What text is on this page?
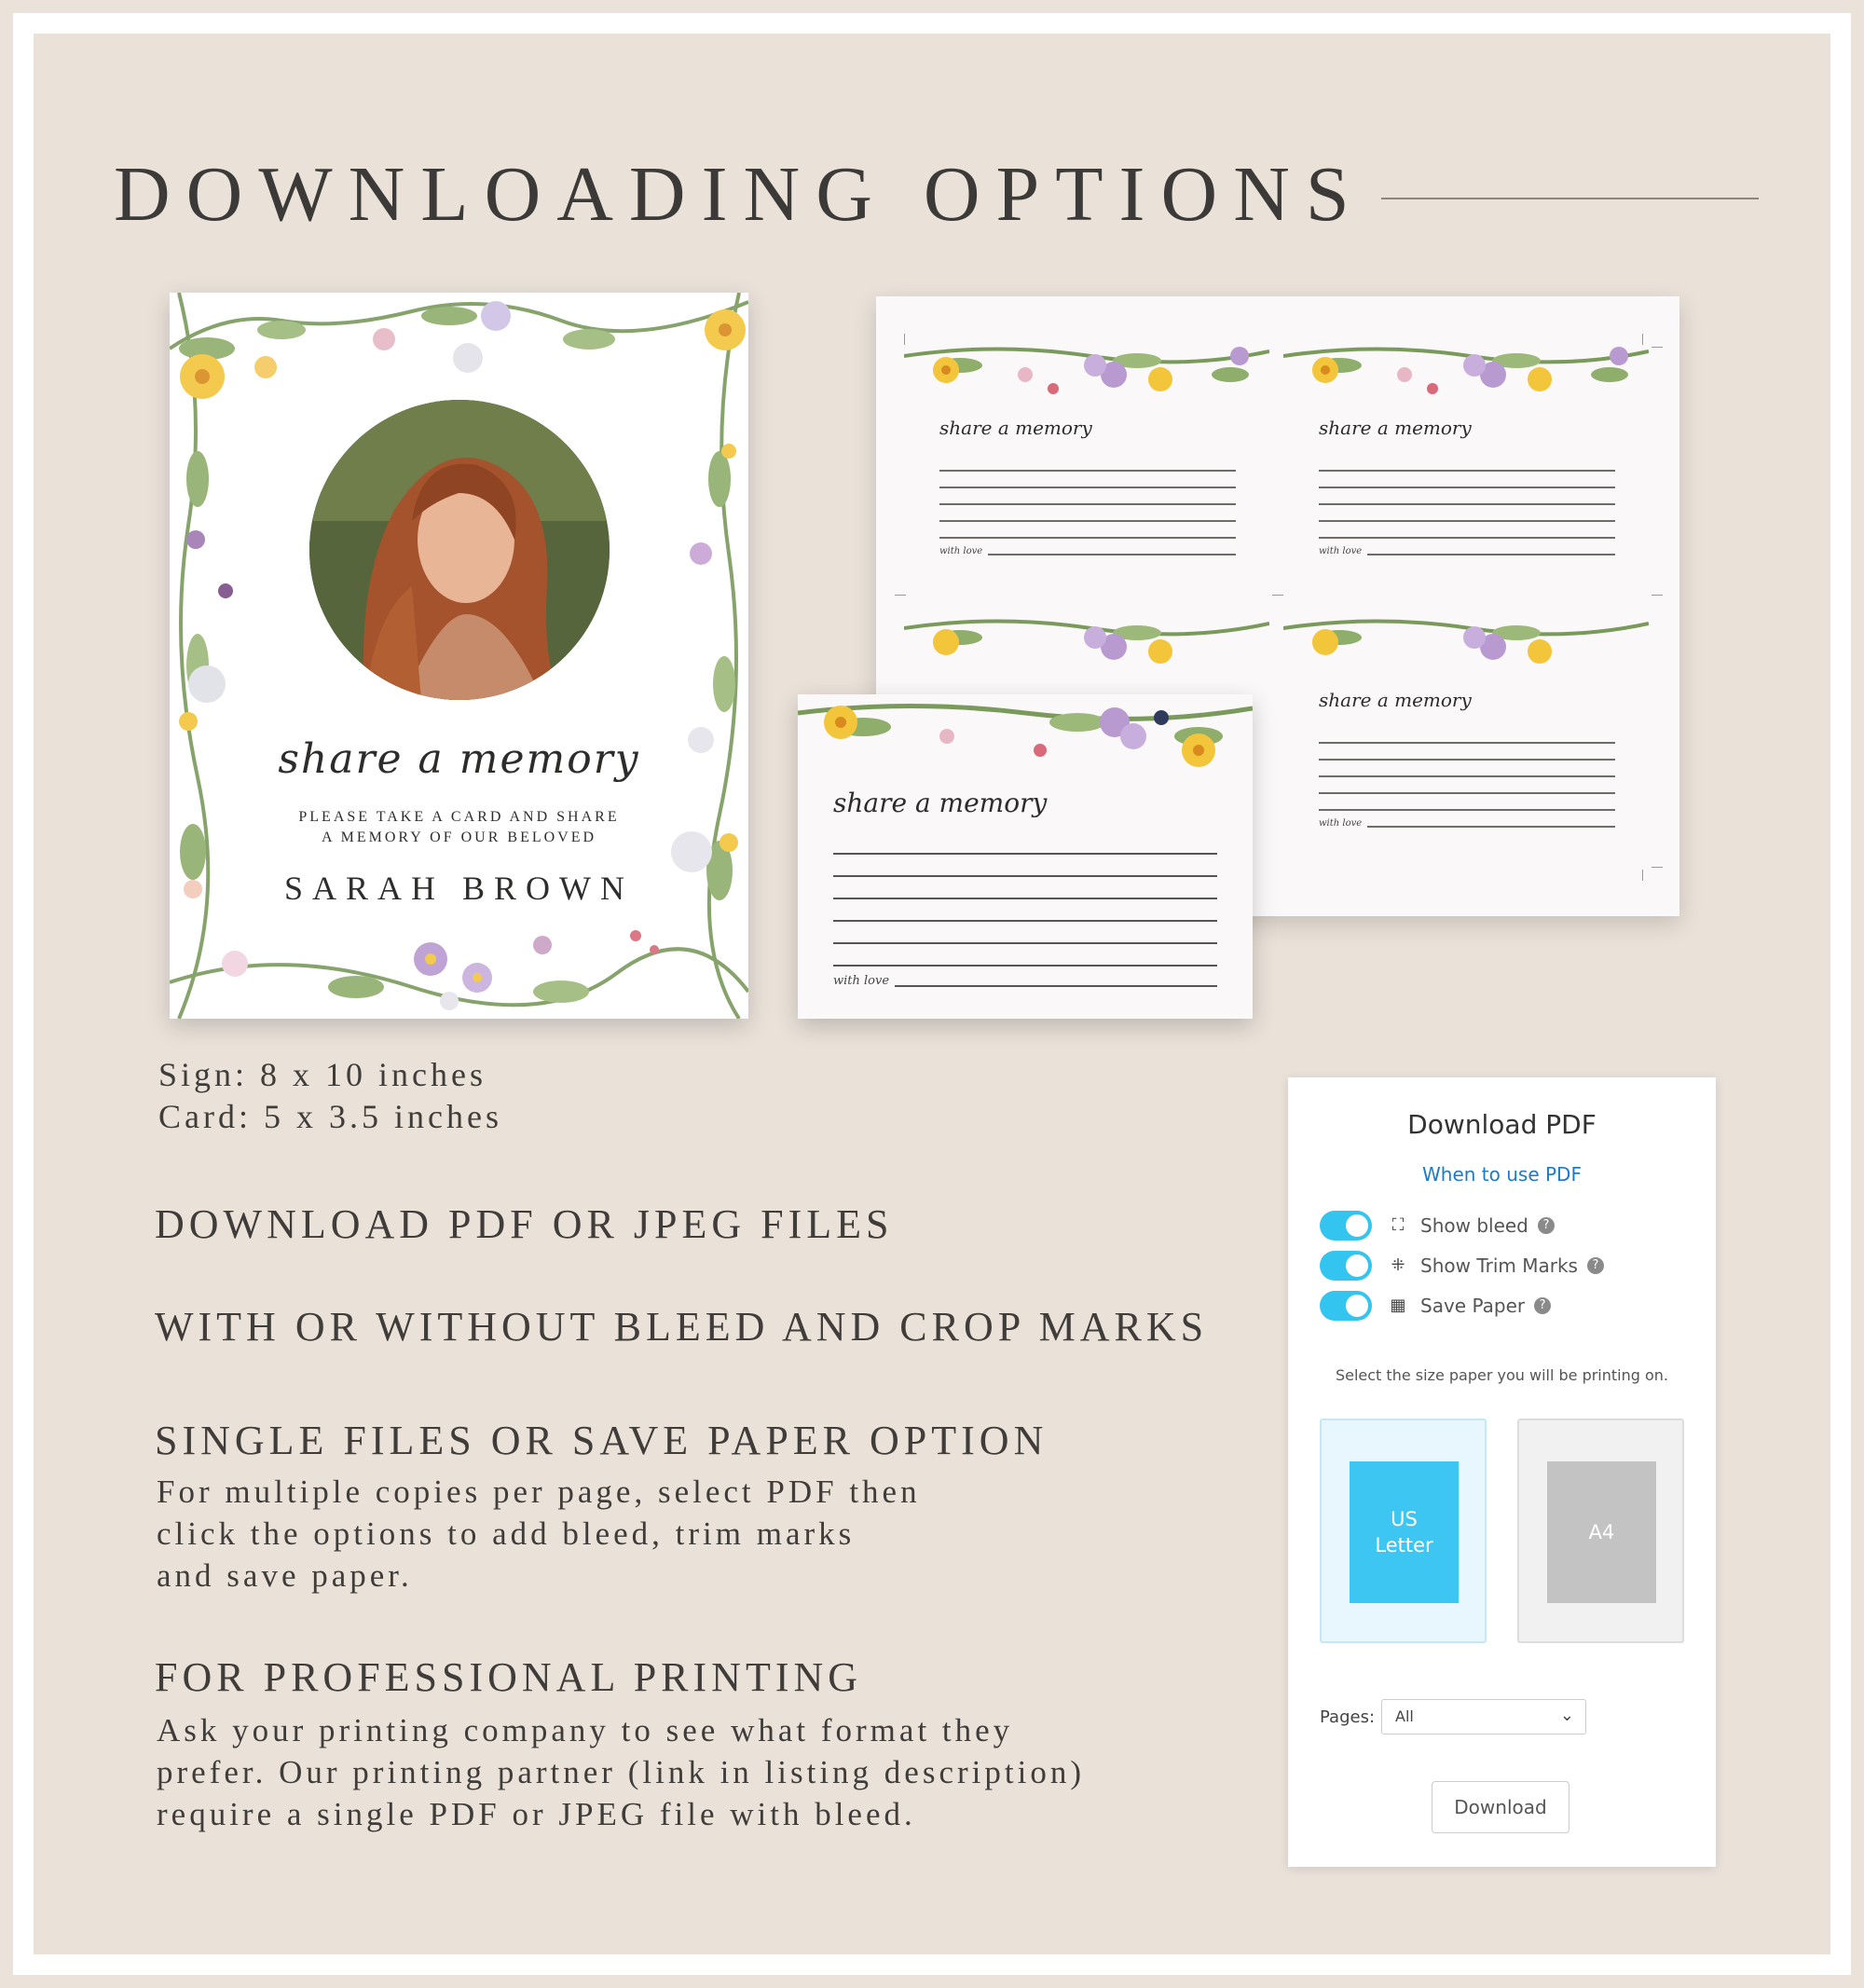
DOWNLOADING OPTIONS
share a memory
PLEASE TAKE A CARD AND SHARE
A MEMORY OF OUR BELOVED
SARAH BROWN
share a memory
with love
share a memory
with love
share a memory
with love
share a memory
with love
Sign: 8 x 10 inches
Card: 5 x 3.5 inches
DOWNLOAD PDF OR JPEG FILES
WITH OR WITHOUT BLEED AND CROP MARKS
SINGLE FILES OR SAVE PAPER OPTION
For multiple copies per page, select PDF then
click the options to add bleed, trim marks
and save paper.
FOR PROFESSIONAL PRINTING
Ask your printing company to see what format they
prefer. Our printing partner (link in listing description)
require a single PDF or JPEG file with bleed.
Download PDF
When to use PDF
⛶ Show bleed	?
⁜ Show Trim Marks	?
▦ Save Paper	?
Select the size paper you will be printing on.
US
Letter
A4
Pages:	All	⌄
Download
